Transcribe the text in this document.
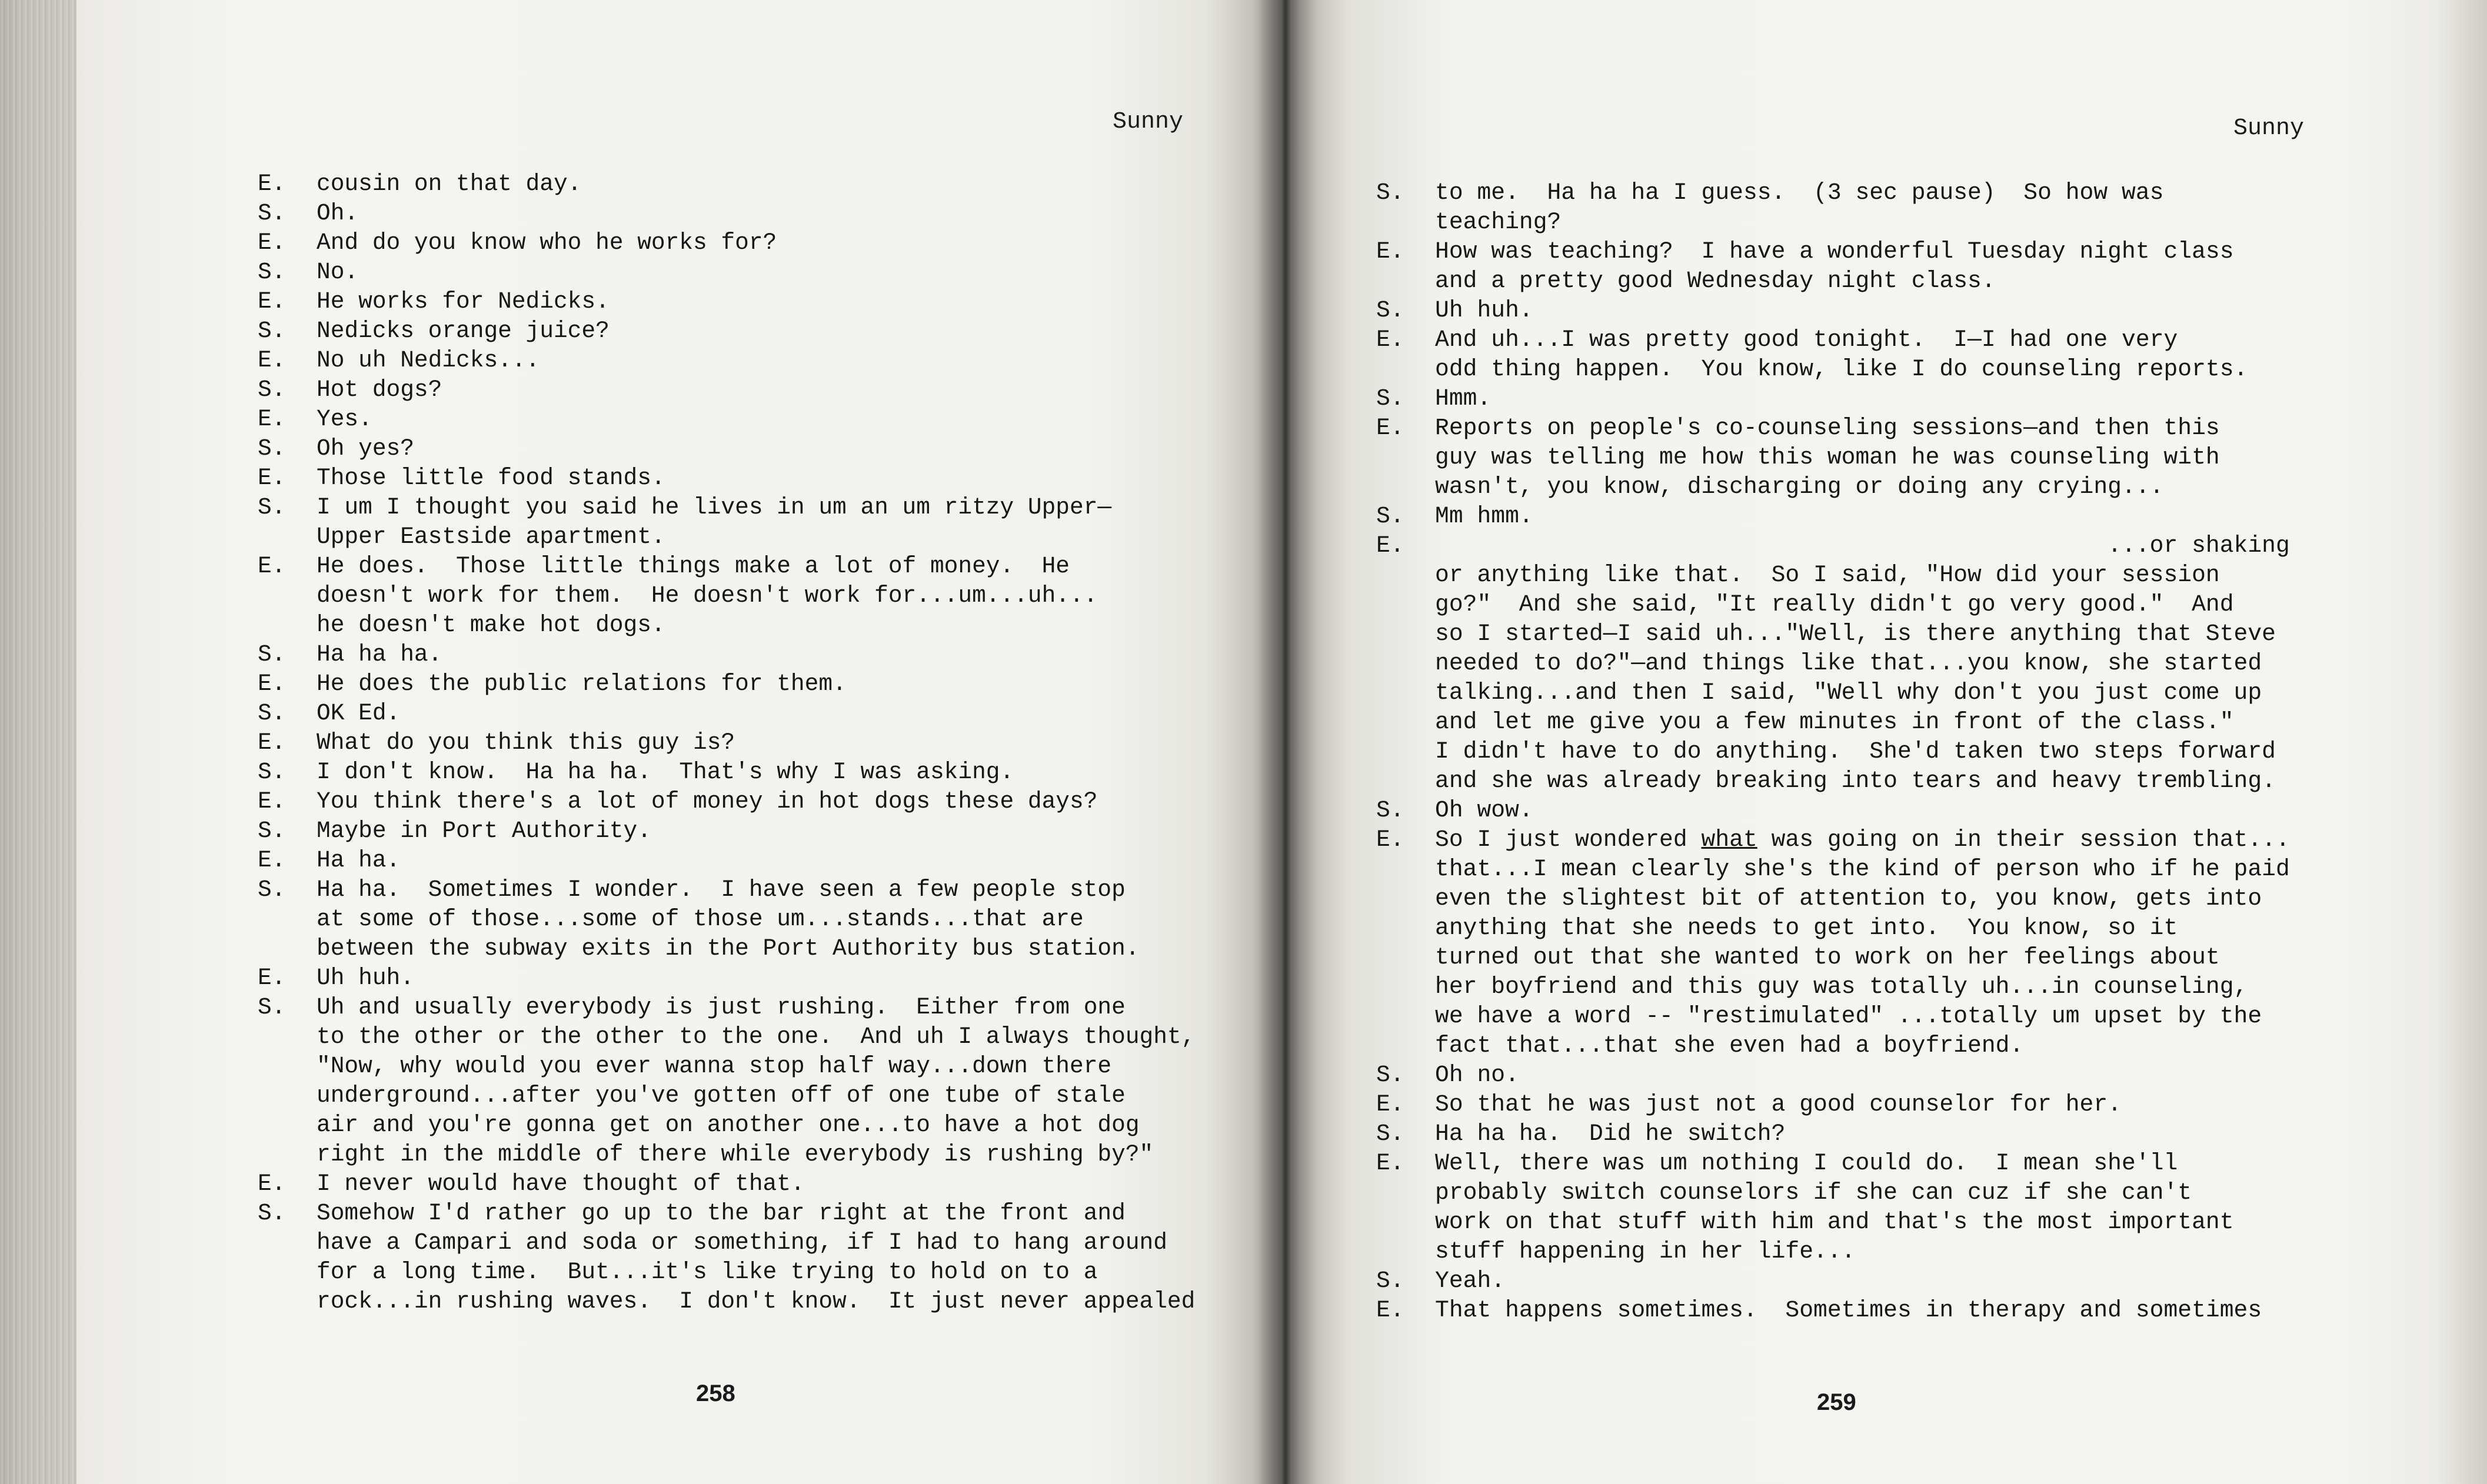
Sunny
E.	cousin on that day.
S.	Oh.
E.	And do you know who he works for?
S.	No.
E.	He works for Nedicks.
S.	Nedicks orange juice?
E.	No uh Nedicks...
S.	Hot dogs?
E.	Yes.
S.	Oh yes?
E.	Those little food stands.
S.	I um I thought you said he lives in um an um ritzy Upper—
Upper Eastside apartment.
E.	He does.  Those little things make a lot of money.  He
doesn't work for them.  He doesn't work for...um...uh...
he doesn't make hot dogs.
S.	Ha ha ha.
E.	He does the public relations for them.
S.	OK Ed.
E.	What do you think this guy is?
S.	I don't know.  Ha ha ha.  That's why I was asking.
E.	You think there's a lot of money in hot dogs these days?
S.	Maybe in Port Authority.
E.	Ha ha.
S.	Ha ha.  Sometimes I wonder.  I have seen a few people stop
at some of those...some of those um...stands...that are
between the subway exits in the Port Authority bus station.
E.	Uh huh.
S.	Uh and usually everybody is just rushing.  Either from one
to the other or the other to the one.  And uh I always thought,
"Now, why would you ever wanna stop half way...down there
underground...after you've gotten off of one tube of stale
air and you're gonna get on another one...to have a hot dog
right in the middle of there while everybody is rushing by?"
E.	I never would have thought of that.
S.	Somehow I'd rather go up to the bar right at the front and
have a Campari and soda or something, if I had to hang around
for a long time.  But...it's like trying to hold on to a
rock...in rushing waves.  I don't know.  It just never appealed
258
Sunny
S.	to me.  Ha ha ha I guess.  (3 sec pause)  So how was
teaching?
E.	How was teaching?  I have a wonderful Tuesday night class
and a pretty good Wednesday night class.
S.	Uh huh.
E.	And uh...I was pretty good tonight.  I—I had one very
odd thing happen.  You know, like I do counseling reports.
S.	Hmm.
E.	Reports on people's co-counseling sessions—and then this
guy was telling me how this woman he was counseling with
wasn't, you know, discharging or doing any crying...
S.	Mm hmm.
E.	...or shaking
or anything like that.  So I said, "How did your session
go?"  And she said, "It really didn't go very good."  And
so I started—I said uh..."Well, is there anything that Steve
needed to do?"—and things like that...you know, she started
talking...and then I said, "Well why don't you just come up
and let me give you a few minutes in front of the class."
I didn't have to do anything.  She'd taken two steps forward
and she was already breaking into tears and heavy trembling.
S.	Oh wow.
E.	So I just wondered what was going on in their session that...
that...I mean clearly she's the kind of person who if he paid
even the slightest bit of attention to, you know, gets into
anything that she needs to get into.  You know, so it
turned out that she wanted to work on her feelings about
her boyfriend and this guy was totally uh...in counseling,
we have a word -- "restimulated" ...totally um upset by the
fact that...that she even had a boyfriend.
S.	Oh no.
E.	So that he was just not a good counselor for her.
S.	Ha ha ha.  Did he switch?
E.	Well, there was um nothing I could do.  I mean she'll
probably switch counselors if she can cuz if she can't
work on that stuff with him and that's the most important
stuff happening in her life...
S.	Yeah.
E.	That happens sometimes.  Sometimes in therapy and sometimes
259
